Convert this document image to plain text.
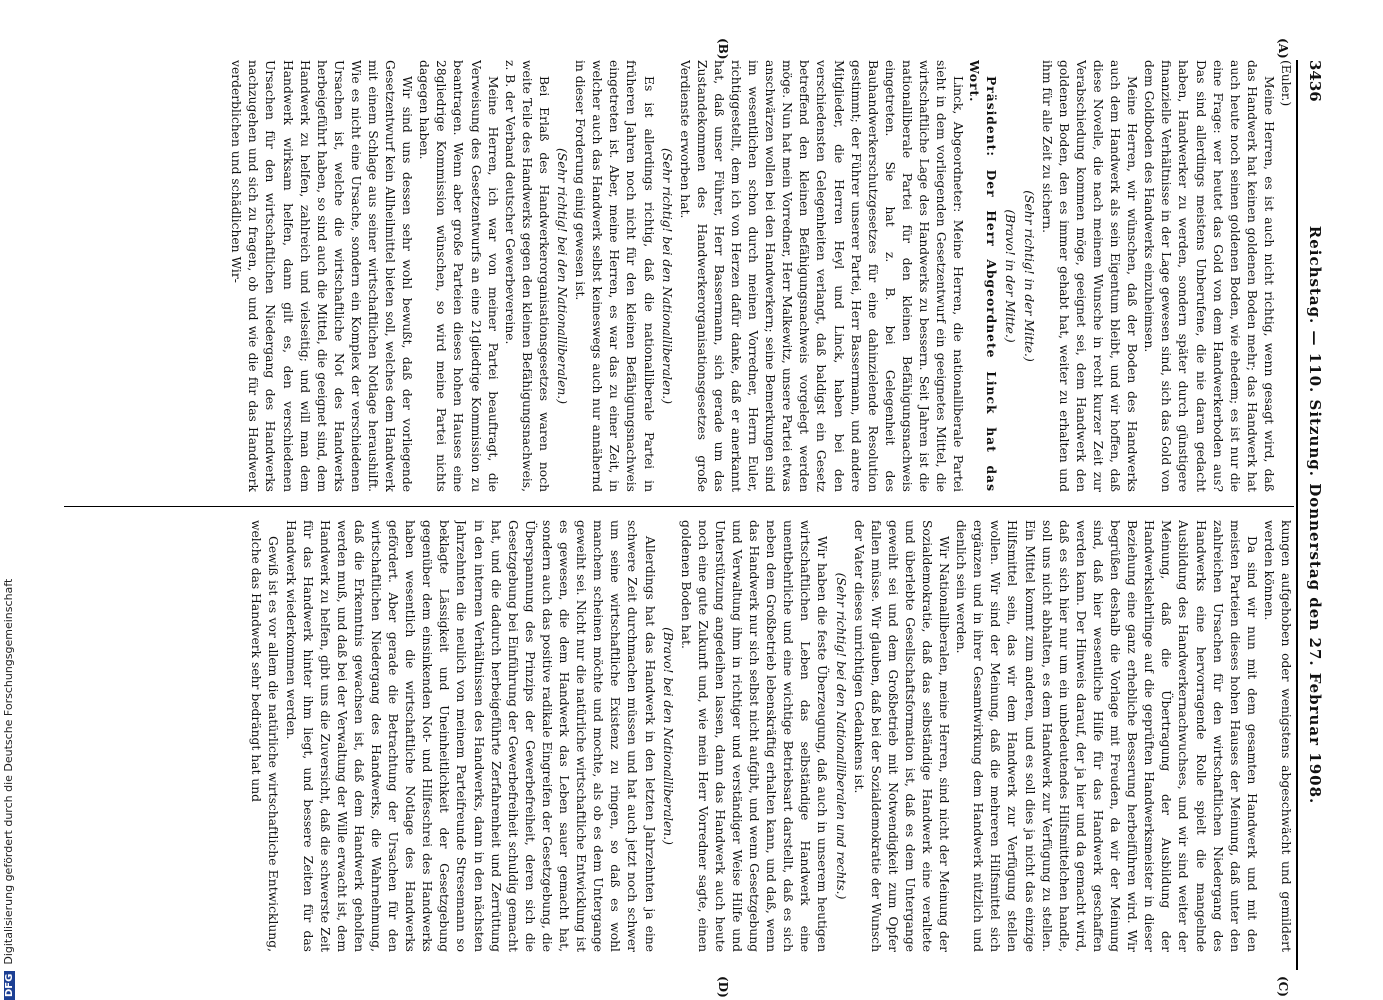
3436
Reichstag. — 110. Sitzung. Donnerstag den 27. Februar 1908.
(A)
(B)
(C)
(D)

(Euler.)

Meine Herren, es ist auch nicht richtig, wenn gesagt wird, daß das Handwerk hat keinen goldenen Boden mehr; das Handwerk hat auch heute noch seinen goldenen Boden, wie ehedem; es ist nur die eine Frage: wer heutet das Gold von dem Handwerkerboden aus? Das sind allerdings meistens Unberufene, die nie daran gedacht haben, Handwerker zu werden, sondern später durch günstigere finanzielle Verhältnisse in der Lage gewesen sind, sich das Gold von dem Goldboden des Handwerks einzuheimsen.

Meine Herren, wir wünschen, daß der Boden des Handwerks auch dem Handwerk als sein Eigentum bleibt, und wir hoffen, daß diese Novelle, die nach meinem Wunsche in recht kurzer Zeit zur Verabschiedung kommen möge, geeignet sei, dem Handwerk den goldenen Boden, den es immer gehabt hat, weiter zu erhalten und ihm für alle Zeit zu sichern.

(Sehr richtig! in der Mitte.)
(Bravo! in der Mitte.)

Präsident: Der Herr Abgeordnete Linck hat das Wort.

Linck, Abgeordneter: Meine Herren, die nationalliberale Partei sieht in dem vorliegenden Gesetzentwurf ein geeignetes Mittel, die wirtschaftliche Lage des Handwerks zu bessern. Seit Jahren ist die nationalliberale Partei für den kleinen Befähigungsnachweis eingetreten. Sie hat z. B. bei Gelegenheit des Bauhandwerkerschutzgesetzes für eine dahinzielende Resolution gestimmt; der Führer unserer Partei, Herr Bassermann, und andere Mitglieder, die Herren Heyl und Linck, haben bei den verschiedensten Gelegenheiten verlangt, daß baldigst ein Gesetz betreffend den kleinen Befähigungsnachweis vorgelegt werden möge. Nun hat mein Vorredner, Herr Malkewitz, unsere Partei etwas anschwärzen wollen bei den Handwerkern; seine Bemerkungen sind im wesentlichen schon durch meinen Vorredner, Herrn Euler, richtiggestellt, dem ich von Herzen dafür danke, daß er anerkannt hat, daß unser Führer, Herr Bassermann, sich gerade um das Zustandekommen des Handwerkerorganisationsgesetzes große Verdienste erworben hat.

(Sehr richtig! bei den Nationalliberalen.)

Es ist allerdings richtig, daß die nationalliberale Partei in früheren Jahren noch nicht für den kleinen Befähigungsnachweis eingetreten ist. Aber, meine Herren, es war das zu einer Zeit, in welcher auch das Handwerk selbst keineswegs auch nur annähernd in dieser Forderung einig gewesen ist.

(Sehr richtig! bei den Nationalliberalen.)

Bei Erlaß des Handwerkerorganisationsgesetzes waren noch weite Teile des Handwerks gegen den kleinen Befähigungsnachweis, z. B. der Verband deutscher Gewerbevereine.

Meine Herren, ich war von meiner Partei beauftragt, die Verweisung des Gesetzentwurfs an eine 21gliedrige Kommission zu beantragen. Wenn aber große Parteien dieses hohen Hauses eine 28gliedrige Kommission wünschen, so wird meine Partei nichts dagegen haben.

Wir sind uns dessen sehr wohl bewußt, daß der vorliegende Gesetzentwurf kein Allheilmittel bieten soll, welches dem Handwerk mit einem Schlage aus seiner wirtschaftlichen Notlage heraushilft. Wie es nicht eine Ursache, sondern ein Komplex der verschiedenen Ursachen ist, welche die wirtschaftliche Not des Handwerks herbeigeführt haben, so sind auch die Mittel, die geeignet sind, dem Handwerk zu helfen, zahlreich und vielseitig; und will man dem Handwerk wirksam helfen, dann gilt es, den verschiedenen Ursachen für den wirtschaftlichen Niedergang des Handwerks nachzugehen und sich zu fragen, ob und wie die für das Handwerk verderblichen und schädlichen Wir-

kungen aufgehoben oder wenigstens abgeschwächt und gemildert werden können.

Da sind wir nun mit dem gesamten Handwerk und mit den meisten Parteien dieses hohen Hauses der Meinung, daß unter den zahlreichen Ursachen für den wirtschaftlichen Niedergang des Handwerks eine hervorragende Rolle spielt die mangelnde Ausbildung des Handwerkernachwuchses, und wir sind weiter der Meinung, daß die Übertragung der Ausbildung der Handwerkslehrlinge auf die geprüften Handwerksmeister in dieser Beziehung eine ganz erhebliche Besserung herbeiführen wird. Wir begrüßen deshalb die Vorlage mit Freuden, da wir der Meinung sind, daß hier wesentliche Hilfe für das Handwerk geschaffen werden kann. Der Hinweis darauf, der ja hier und da gemacht wird, daß es sich hier nur um ein unbedeutendes Hilfsmittelchen handle, soll uns nicht abhalten, es dem Handwerk zur Verfügung zu stellen. Ein Mittel kommt zum anderen, und es soll dies ja nicht das einzige Hilfsmittel sein, das wir dem Handwerk zur Verfügung stellen wollen. Wir sind der Meinung, daß die mehreren Hilfsmittel sich ergänzen und in ihrer Gesamtwirkung dem Handwerk nützlich und dienlich sein werden.

Wir Nationalliberalen, meine Herren, sind nicht der Meinung der Sozialdemokratie, daß das selbständige Handwerk eine veraltete und überlebte Gesellschaftsformation ist, daß es dem Untergange geweiht sei und dem Großbetrieb mit Notwendigkeit zum Opfer fallen müsse. Wir glauben, daß bei der Sozialdemokratie der Wunsch der Vater dieses unrichtigen Gedankens ist.

(Sehr richtig! bei den Nationalliberalen und rechts.)

Wir haben die feste Überzeugung, daß auch in unserem heutigen wirtschaftlichen Leben das selbständige Handwerk eine unentbehrliche und eine wichtige Betriebsart darstellt, daß es sich neben dem Großbetrieb lebenskräftig erhalten kann, und daß, wenn das Handwerk nur sich selbst nicht aufgibt, und wenn Gesetzgebung und Verwaltung ihm in richtiger und verständiger Weise Hilfe und Unterstützung angedeihen lassen, dann das Handwerk auch heute noch eine gute Zukunft und, wie mein Herr Vorredner sagte, einen goldenen Boden hat.

(Bravo! bei den Nationalliberalen.)

Allerdings hat das Handwerk in den letzten Jahrzehnten ja eine schwere Zeit durchmachen müssen und hat auch jetzt noch schwer um seine wirtschaftliche Existenz zu ringen, so daß es wohl manchem scheinen möchte und mochte, als ob es dem Untergange geweiht sei. Nicht nur die natürliche wirtschaftliche Entwicklung ist es gewesen, die dem Handwerk das Leben sauer gemacht hat, sondern auch das positive radikale Eingreifen der Gesetzgebung, die Überspannung des Prinzips der Gewerbefreiheit, deren sich die Gesetzgebung bei Einführung der Gewerbefreiheit schuldig gemacht hat, und die dadurch herbeigeführte Zerfahrenheit und Zerrüttung in den internen Verhältnissen des Handwerks, dann in den nächsten Jahrzehnten die neulich von meinem Parteifreunde Stresemann so beklagte Lässigkeit und Uneinheitlichkeit der Gesetzgebung gegenüber dem einsinkenden Not- und Hilfeschrei des Handwerks haben wesentlich die wirtschaftliche Notlage des Handwerks gefördert. Aber gerade die Betrachtung der Ursachen für den wirtschaftlichen Niedergang des Handwerks, die Wahrnehmung, daß die Erkenntnis gewachsen ist, daß dem Handwerk geholfen werden muß, und daß bei der Verwaltung der Wille erwacht ist, dem Handwerk zu helfen, gibt uns die Zuversicht, daß die schwerste Zeit für das Handwerk hinter ihm liegt, und bessere Zeiten für das Handwerk wiederkommen werden.

Gewiß ist es vor allem die natürliche wirtschaftliche Entwicklung, welche das Handwerk sehr bedrängt hat und

DFGDigitalisierung gefördert durch die Deutsche Forschungsgemeinschaft
